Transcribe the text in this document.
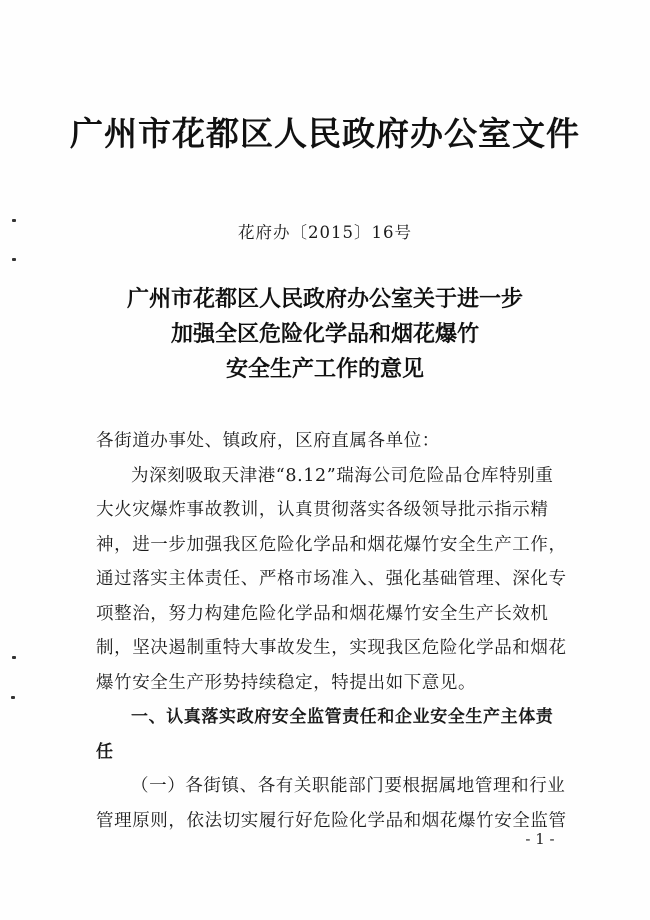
广州市花都区人民政府办公室文件
花府办〔2015〕16号
广州市花都区人民政府办公室关于进一步
加强全区危险化学品和烟花爆竹
安全生产工作的意见
各街道办事处、镇政府，区府直属各单位：
为深刻吸取天津港“8.12”瑞海公司危险品仓库特别重
大火灾爆炸事故教训，认真贯彻落实各级领导批示指示精
神，进一步加强我区危险化学品和烟花爆竹安全生产工作，
通过落实主体责任、严格市场准入、强化基础管理、深化专
项整治，努力构建危险化学品和烟花爆竹安全生产长效机
制，坚决遏制重特大事故发生，实现我区危险化学品和烟花
爆竹安全生产形势持续稳定，特提出如下意见。
一、认真落实政府安全监管责任和企业安全生产主体责
任
（一）各街镇、各有关职能部门要根据属地管理和行业
管理原则，依法切实履行好危险化学品和烟花爆竹安全监管
- 1 -
